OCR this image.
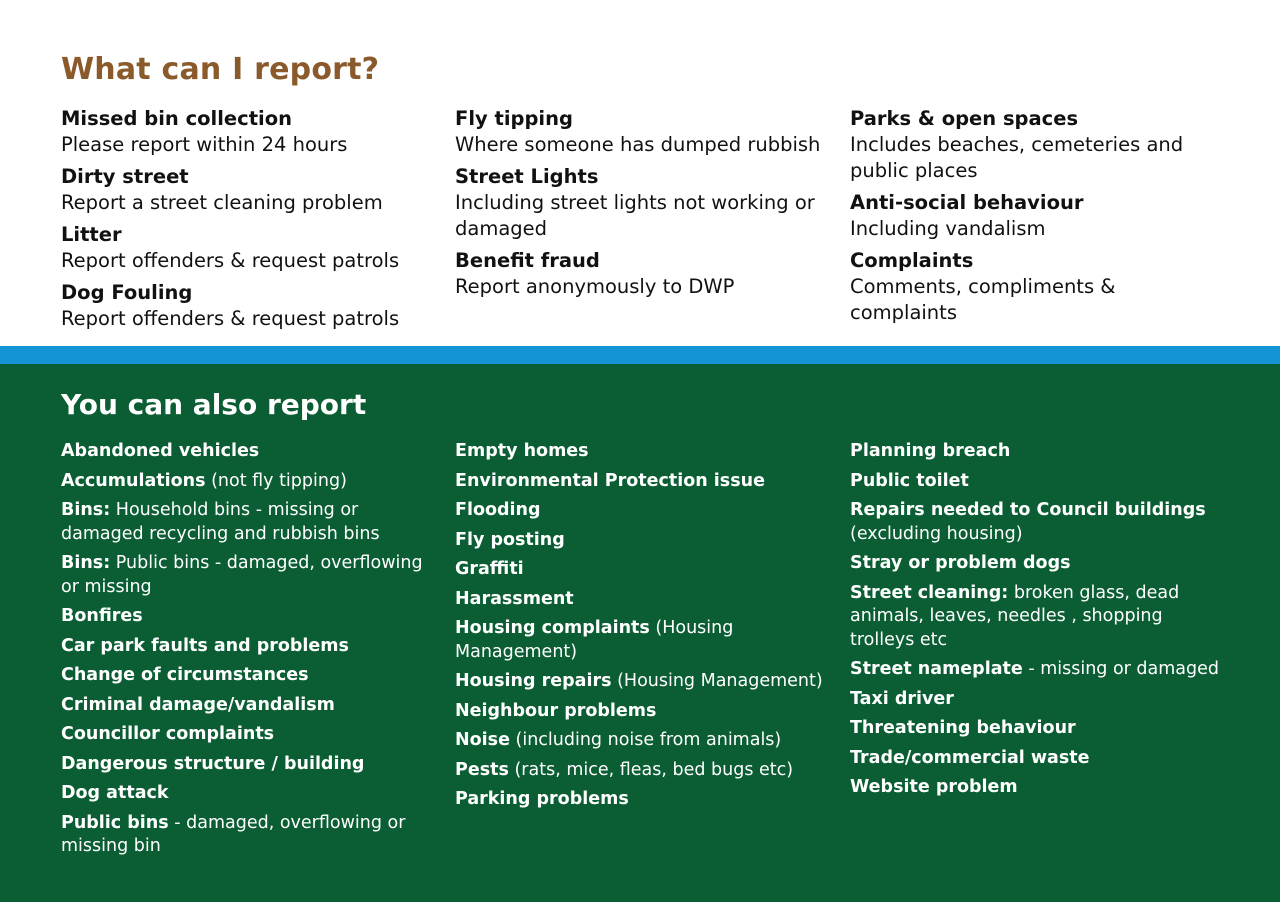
What can I report?
Missed bin collection
Please report within 24 hours
Dirty street
Report a street cleaning problem
Litter
Report offenders & request patrols
Dog Fouling
Report offenders & request patrols
Fly tipping
Where someone has dumped rubbish
Street Lights
Including street lights not working or damaged
Benefit fraud
Report anonymously to DWP
Parks & open spaces
Includes beaches, cemeteries and public places
Anti-social behaviour
Including vandalism
Complaints
Comments, compliments & complaints
You can also report
Abandoned vehicles
Accumulations (not fly tipping)
Bins: Household bins - missing or damaged recycling and rubbish bins
Bins: Public bins - damaged, overflowing or missing
Bonfires
Car park faults and problems
Change of circumstances
Criminal damage/vandalism
Councillor complaints
Dangerous structure / building
Dog attack
Public bins - damaged, overflowing or missing bin
Empty homes
Environmental Protection issue
Flooding
Fly posting
Graffiti
Harassment
Housing complaints (Housing Management)
Housing repairs (Housing Management)
Neighbour problems
Noise (including noise from animals)
Pests (rats, mice, fleas, bed bugs etc)
Parking problems
Planning breach
Public toilet
Repairs needed to Council buildings (excluding housing)
Stray or problem dogs
Street cleaning: broken glass, dead animals, leaves, needles , shopping trolleys etc
Street nameplate - missing or damaged
Taxi driver
Threatening behaviour
Trade/commercial waste
Website problem
